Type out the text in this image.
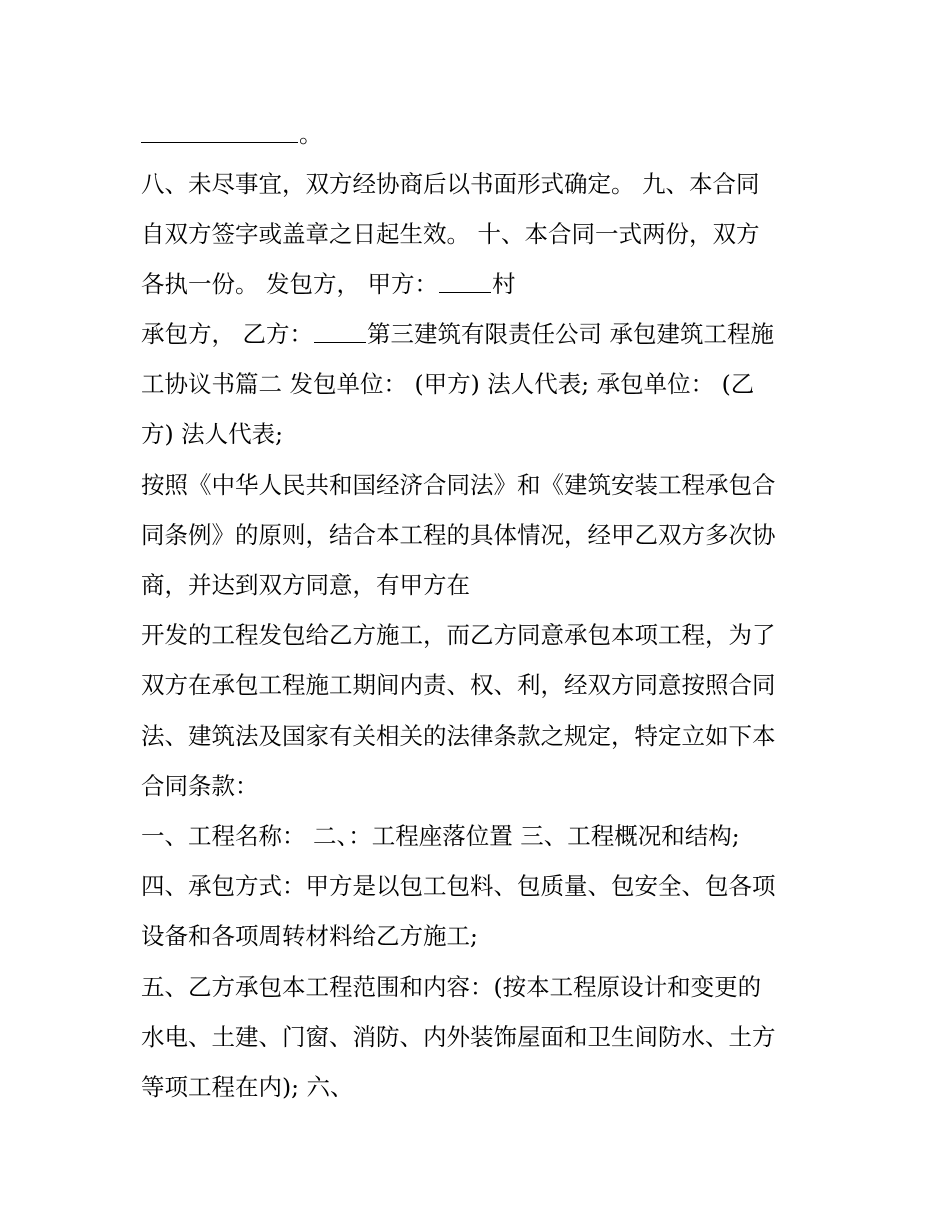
。
八、未尽事宜，双方经协商后以书面形式确定。 九、本合同
自双方签字或盖章之日起生效。 十、本合同一式两份，双方
各执一份。 发包方， 甲方： 村
承包方， 乙方： 第三建筑有限责任公司 承包建筑工程施
工协议书篇二 发包单位： (甲方) 法人代表; 承包单位： (乙
方) 法人代表;
按照《中华人民共和国经济合同法》和《建筑安装工程承包合
同条例》的原则，结合本工程的具体情况，经甲乙双方多次协
商，并达到双方同意，有甲方在
开发的工程发包给乙方施工，而乙方同意承包本项工程，为了
双方在承包工程施工期间内责、权、利，经双方同意按照合同
法、建筑法及国家有关相关的法律条款之规定，特定立如下本
合同条款：
一、工程名称： 二、：工程座落位置 三、工程概况和结构;
四、承包方式：甲方是以包工包料、包质量、包安全、包各项
设备和各项周转材料给乙方施工;
五、乙方承包本工程范围和内容：(按本工程原设计和变更的
水电、土建、门窗、消防、内外装饰屋面和卫生间防水、土方
等项工程在内); 六、
